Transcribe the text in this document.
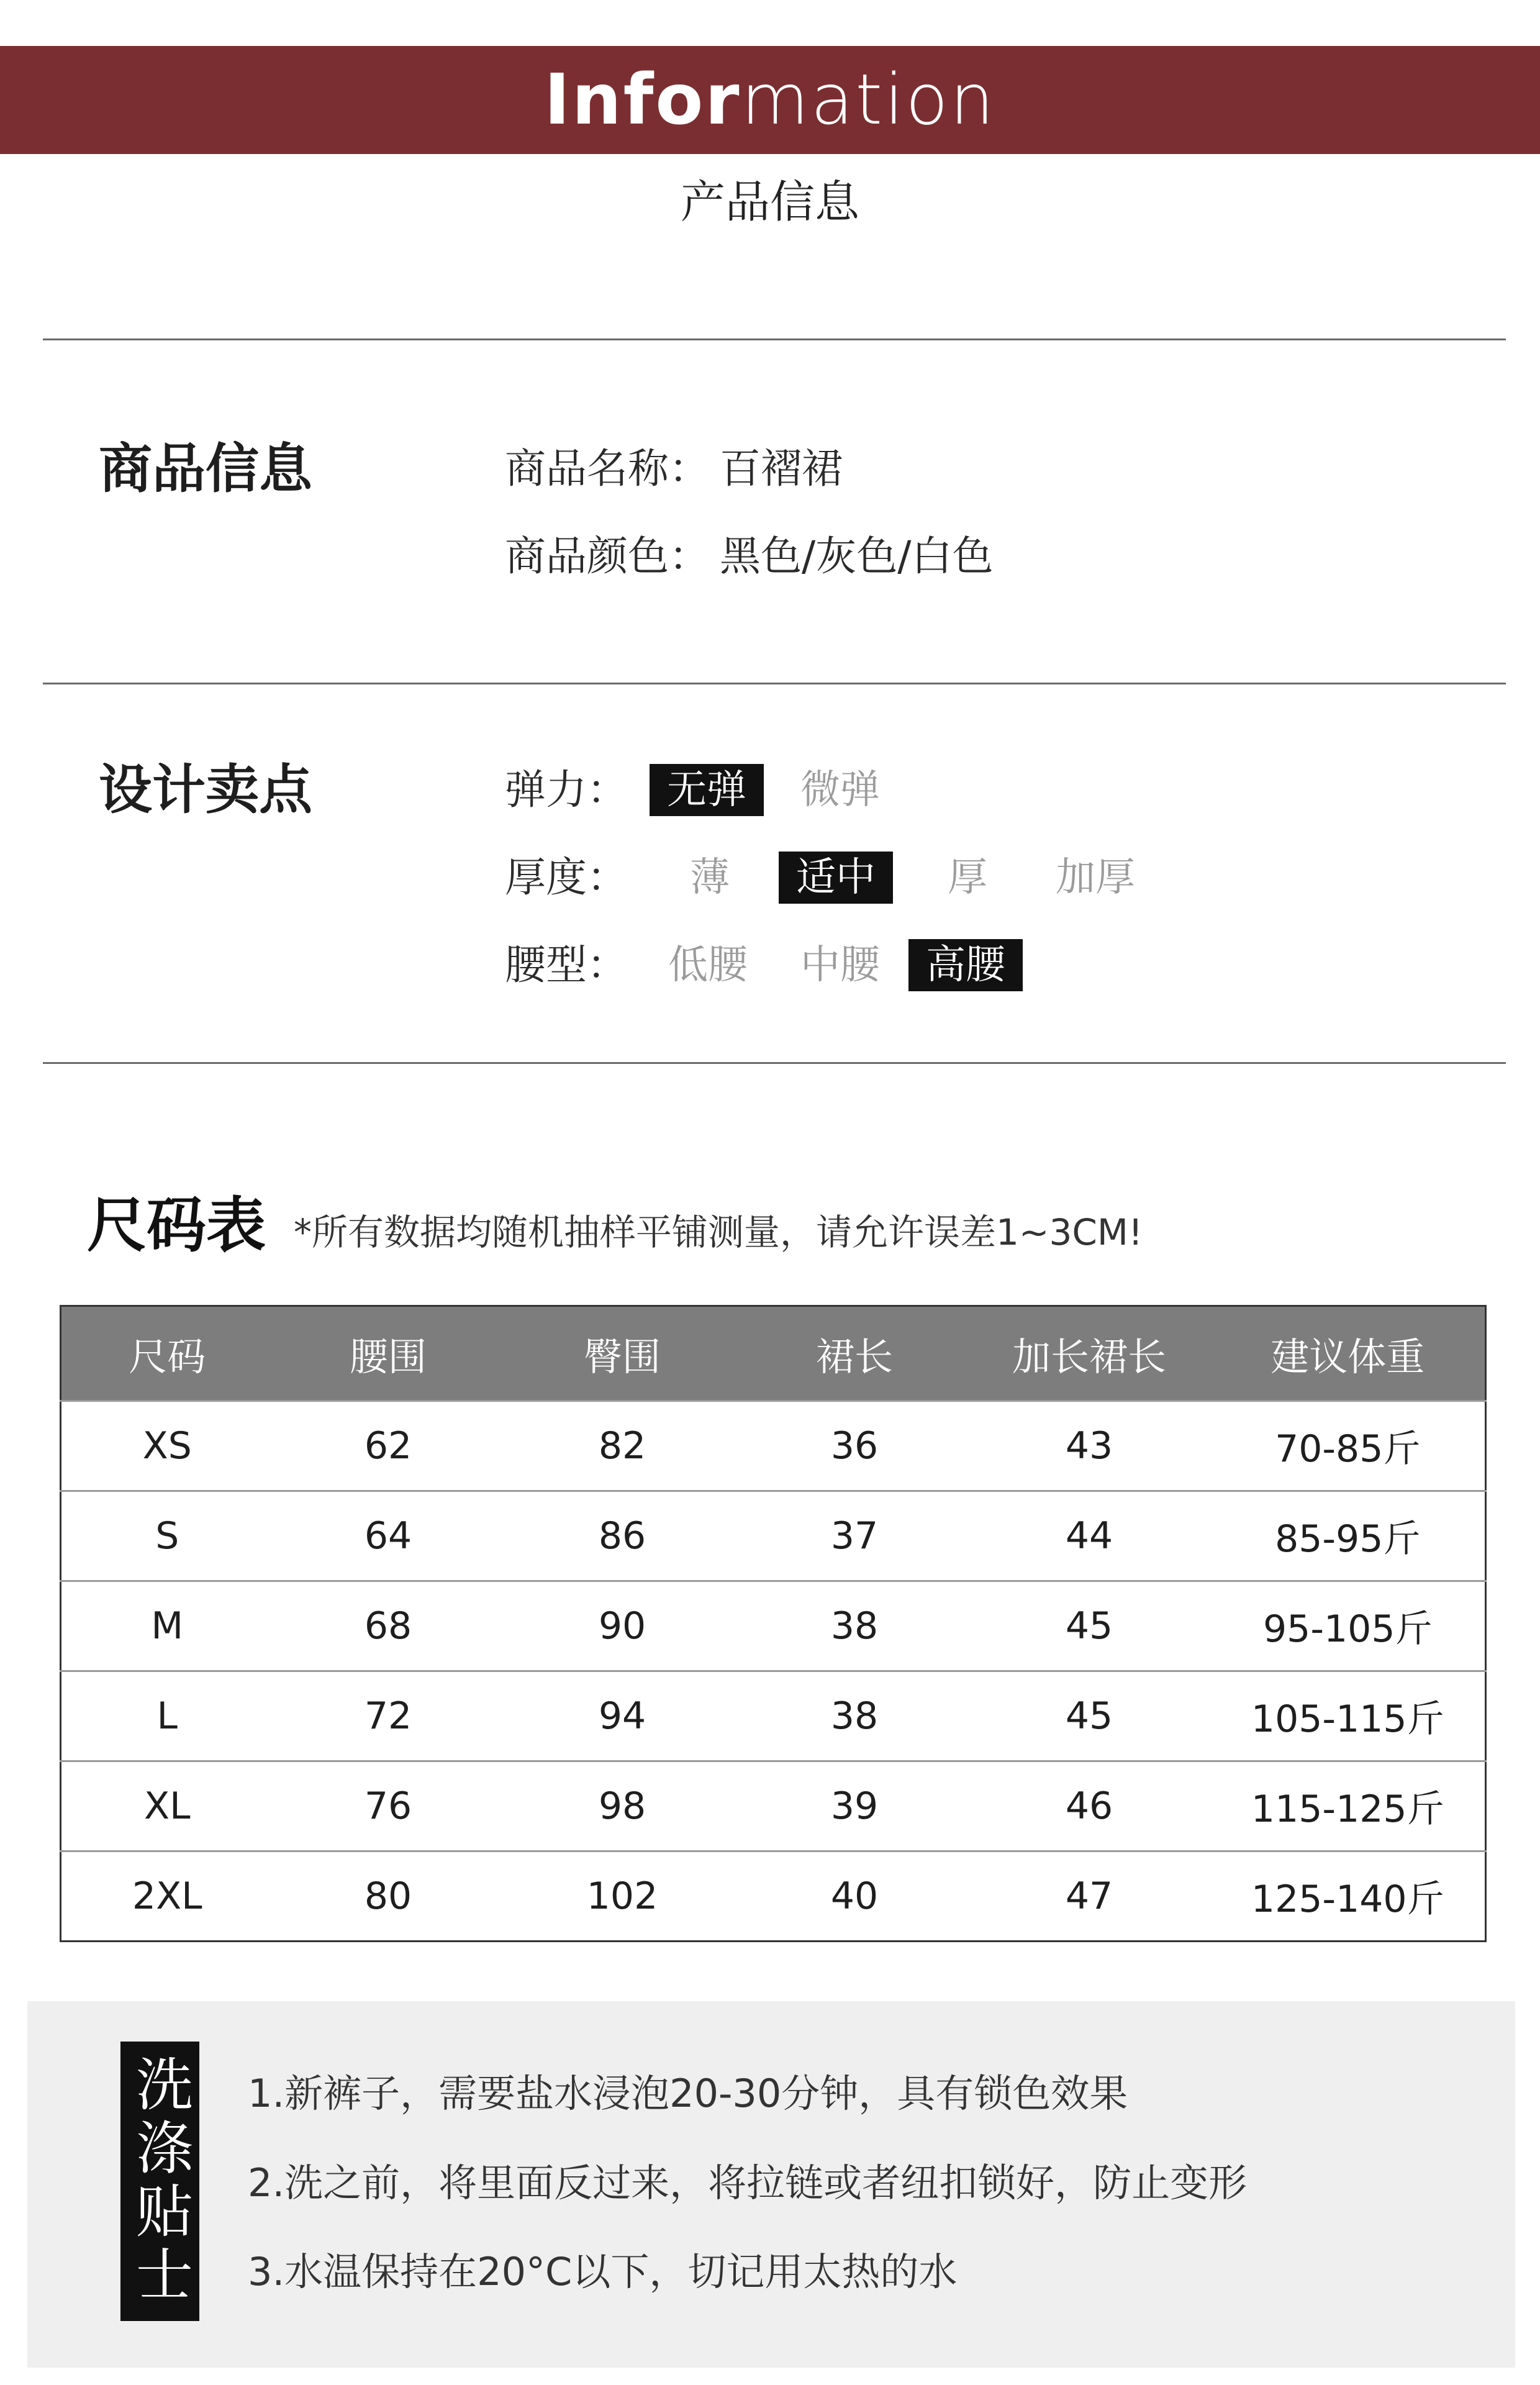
Information
产品信息
商品信息	商品名称： 百褶裙
商品颜色： 黑色/灰色/白色
设计卖点	弹力： 无弹	微弹
厚度：	薄	适中	厚	加厚
腰型：	低腰	中腰	高腰
尺码表 *所有数据均随机抽样平铺测量，请允许误差1~3CM!
尺码	腰围	臀围	裙长	加长裙长	建议体重
XS	62	82	36	43	70-85斤
S	64	86	37	44	85-95斤
M	68	90	38	45	95-105斤
L	72	94	38	45	105-115斤
XL	76	98	39	46	115-125斤
2XL	80	102	40	47	125-140斤
洗涤贴士 1.新裤子，需要盐水浸泡20-30分钟，具有锁色效果
2.洗之前，将里面反过来，将拉链或者纽扣锁好，防止变形
3.水温保持在20°C以下，切记用太热的水
